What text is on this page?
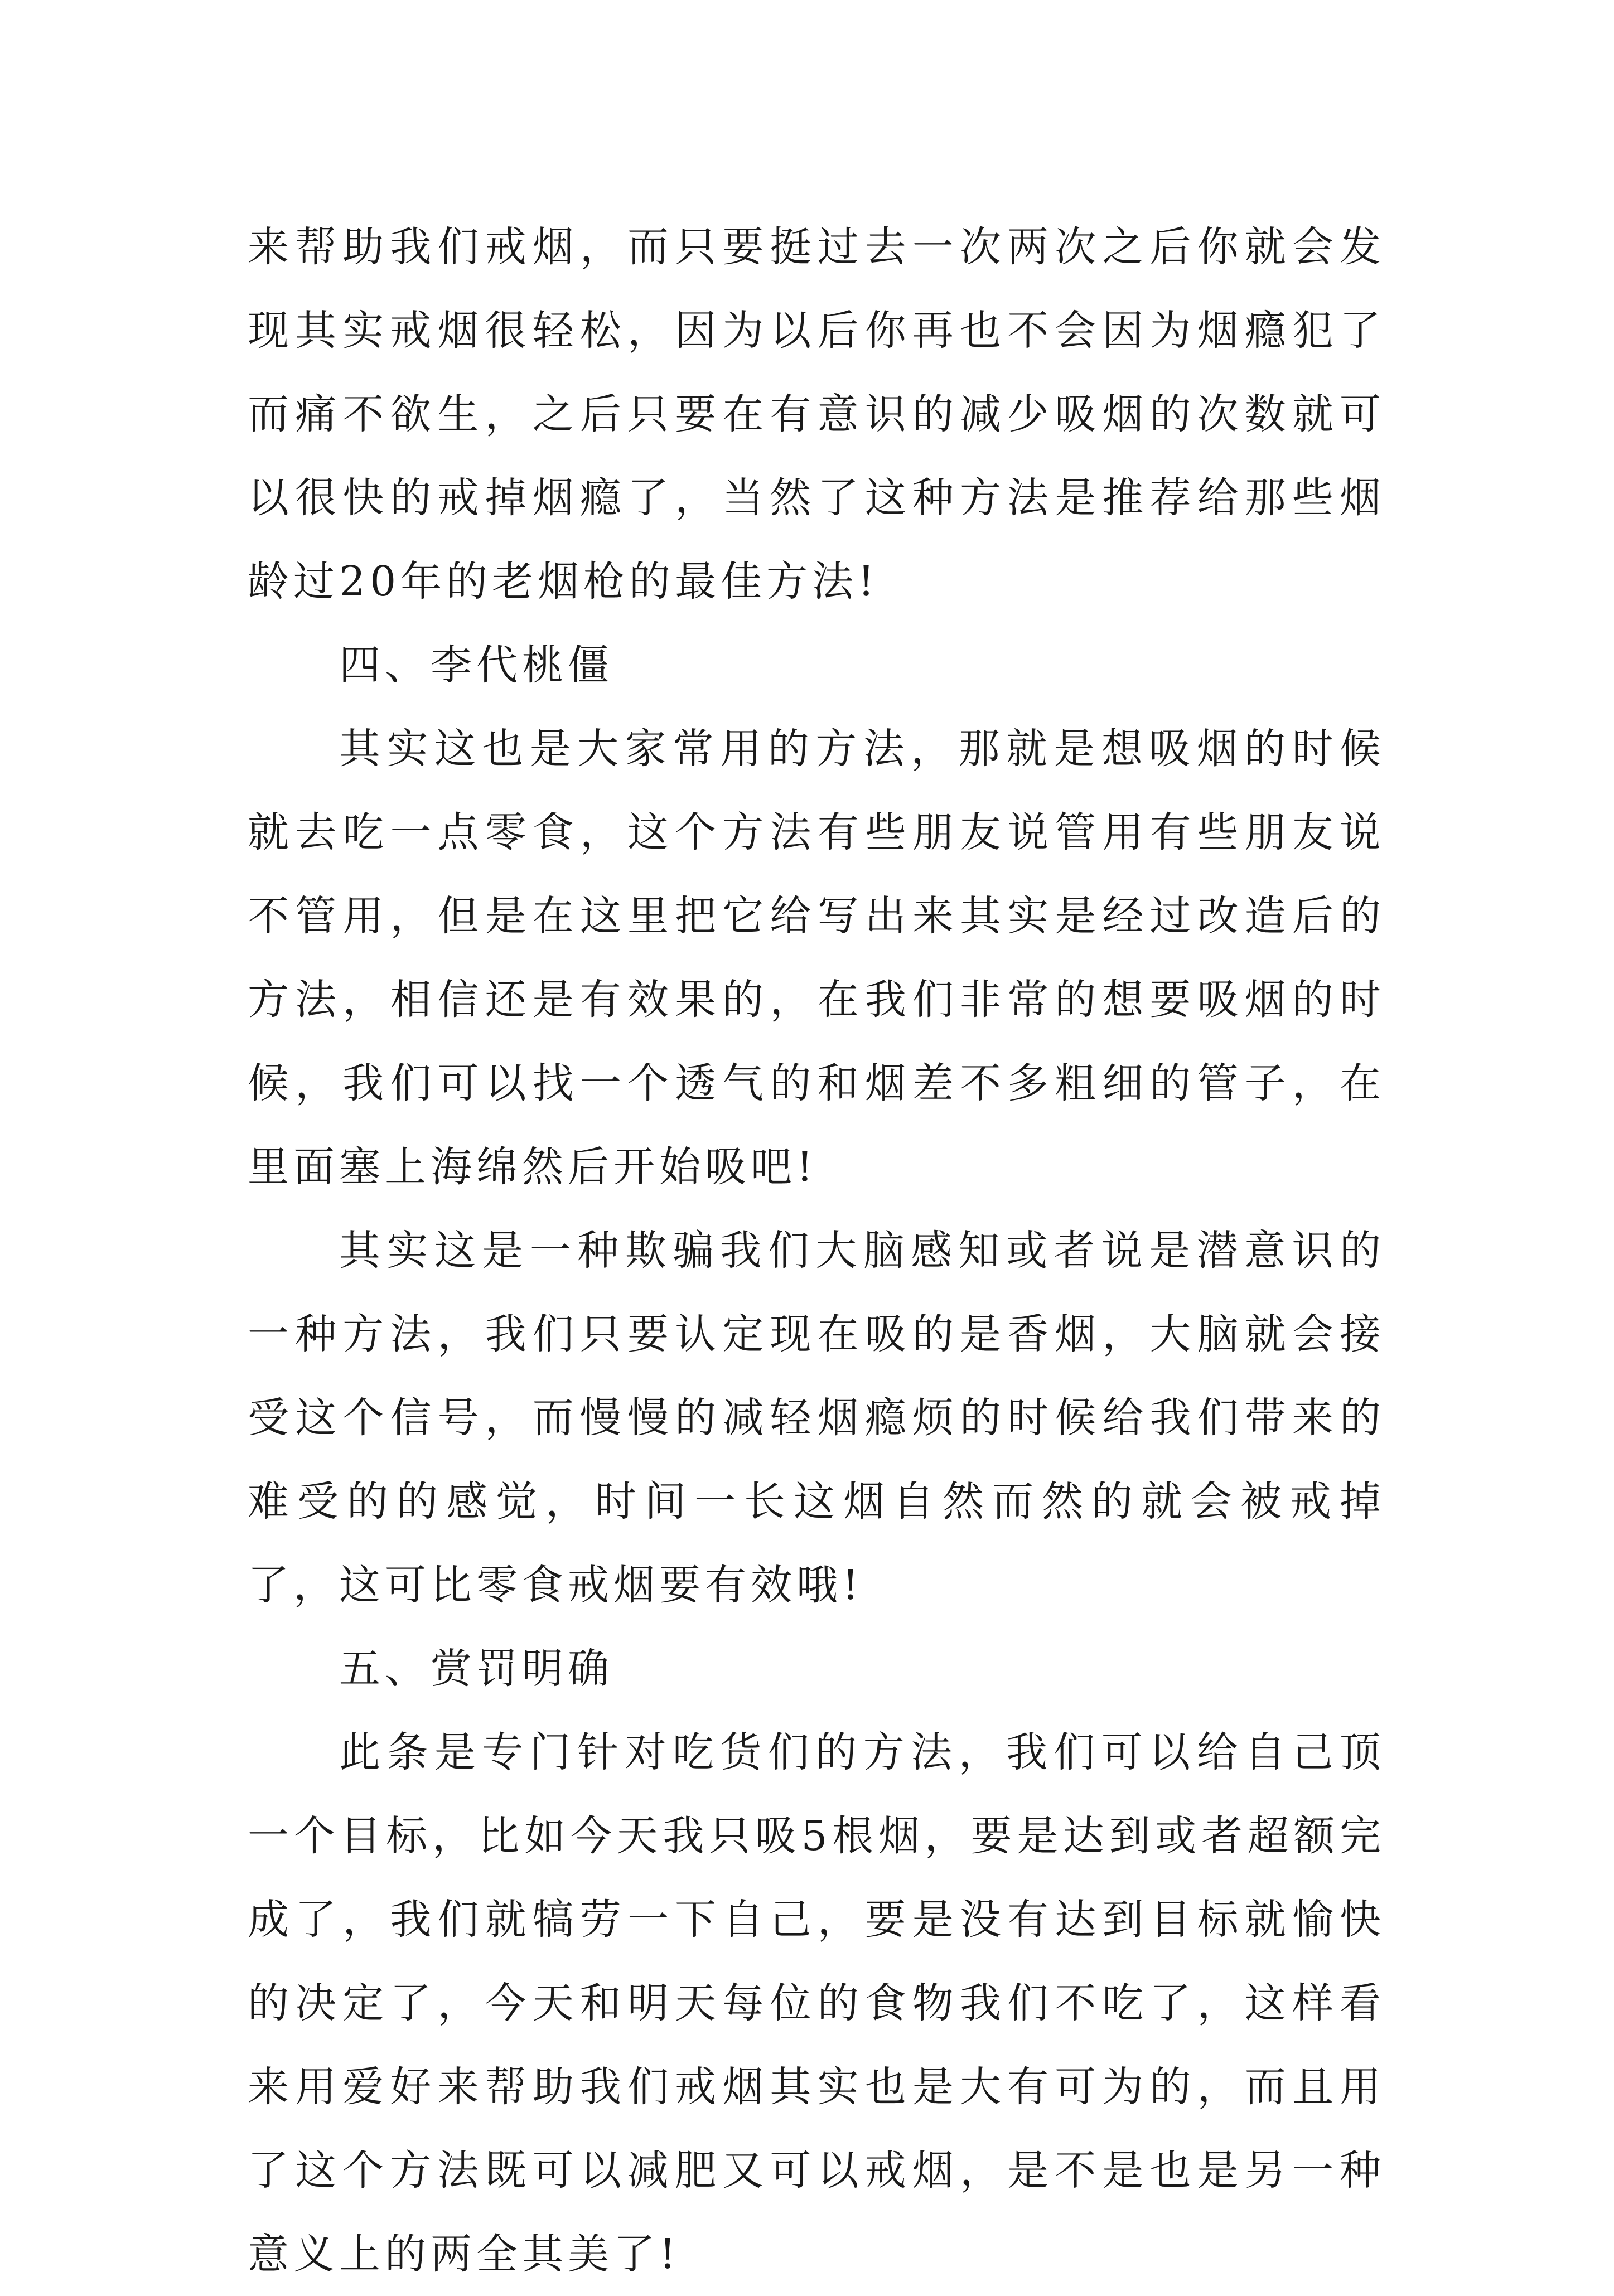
来帮助我们戒烟，而只要挺过去一次两次之后你就会发现其实戒烟很轻松，因为以后你再也不会因为烟瘾犯了而痛不欲生，之后只要在有意识的减少吸烟的次数就可以很快的戒掉烟瘾了，当然了这种方法是推荐给那些烟龄过20年的老烟枪的最佳方法!

四、李代桃僵

其实这也是大家常用的方法，那就是想吸烟的时候就去吃一点零食，这个方法有些朋友说管用有些朋友说不管用，但是在这里把它给写出来其实是经过改造后的方法，相信还是有效果的，在我们非常的想要吸烟的时候，我们可以找一个透气的和烟差不多粗细的管子，在里面塞上海绵然后开始吸吧!

其实这是一种欺骗我们大脑感知或者说是潜意识的一种方法，我们只要认定现在吸的是香烟，大脑就会接受这个信号，而慢慢的减轻烟瘾烦的时候给我们带来的难受的的感觉，时间一长这烟自然而然的就会被戒掉了，这可比零食戒烟要有效哦!

五、赏罚明确

此条是专门针对吃货们的方法，我们可以给自己顶一个目标，比如今天我只吸5根烟，要是达到或者超额完成了，我们就犒劳一下自己，要是没有达到目标就愉快的决定了，今天和明天每位的食物我们不吃了，这样看来用爱好来帮助我们戒烟其实也是大有可为的，而且用了这个方法既可以减肥又可以戒烟，是不是也是另一种意义上的两全其美了!
